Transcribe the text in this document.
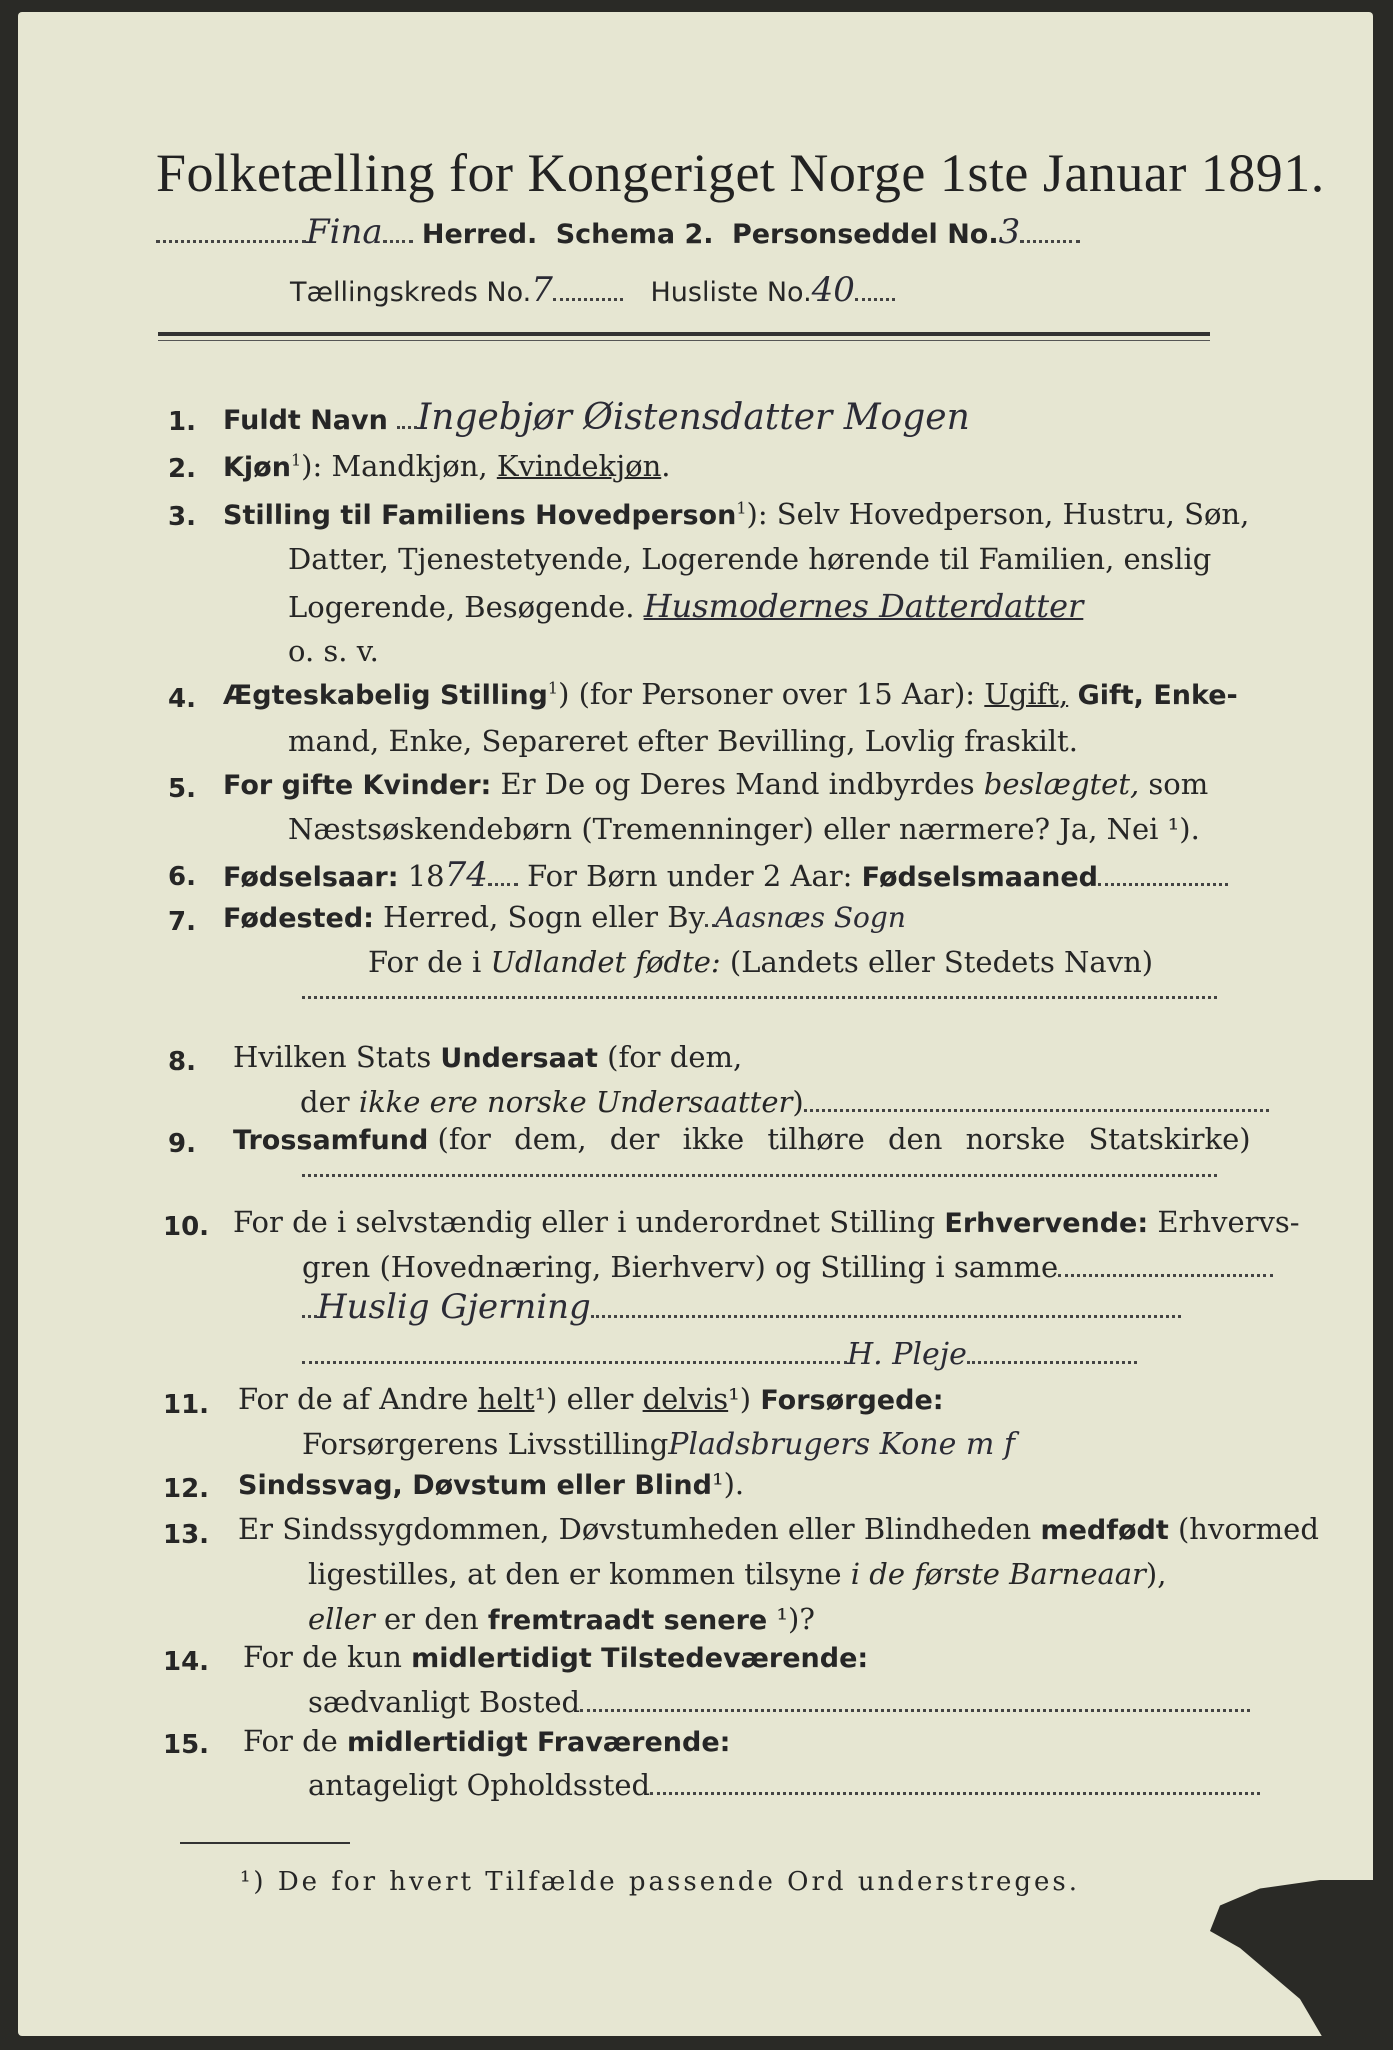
Folketælling for Kongeriget Norge 1ste Januar 1891.
Fina Herred. Schema 2. Personseddel No.3
Tællingskreds No.7	Husliste No.40
1. Fuldt Navn Ingebjør Øistensdatter Mogen
2. Kjøn$^1$): Mandkjøn, Kvindekjøn.
3. Stilling til Familiens Hovedperson$^1$): Selv Hovedperson, Hustru, Søn,
Datter, Tjenestetyende, Logerende hørende til Familien, enslig
Logerende, Besøgende. Husmodernes Datterdatter
o. s. v.
4. Ægteskabelig Stilling$^1$) (for Personer over 15 Aar): Ugift, Gift, Enke-
mand, Enke, Separeret efter Bevilling, Lovlig fraskilt.
5. For gifte Kvinder: Er De og Deres Mand indbyrdes beslægtet, som
Næstsøskendebørn (Tremenninger) eller nærmere? Ja, Nei ¹).
6. Fødselsaar: 1874 For Børn under 2 Aar: Fødselsmaaned
7. Fødested: Herred, Sogn eller By Aasnæs Sogn
For de i Udlandet fødte: (Landets eller Stedets Navn)
8. Hvilken Stats Undersaat (for dem,
der ikke ere norske Undersaatter)
9. Trossamfund (for dem, der ikke tilhøre den norske Statskirke)
10. For de i selvstændig eller i underordnet Stilling Erhvervende: Erhvervs-
gren (Hovednæring, Bierhverv) og Stilling i samme
Huslig Gjerning
H. Pleje
11. For de af Andre helt¹) eller delvis¹) Forsørgede:
Forsørgerens LivsstillingPladsbrugers Kone m f
12. Sindssvag, Døvstum eller Blind¹).
13. Er Sindssygdommen, Døvstumheden eller Blindheden medfødt (hvormed
ligestilles, at den er kommen tilsyne i de første Barneaar),
eller er den fremtraadt senere ¹)?
14. For de kun midlertidigt Tilstedeværende:
sædvanligt Bosted
15. For de midlertidigt Fraværende:
antageligt Opholdssted
¹) De for hvert Tilfælde passende Ord understreges.
